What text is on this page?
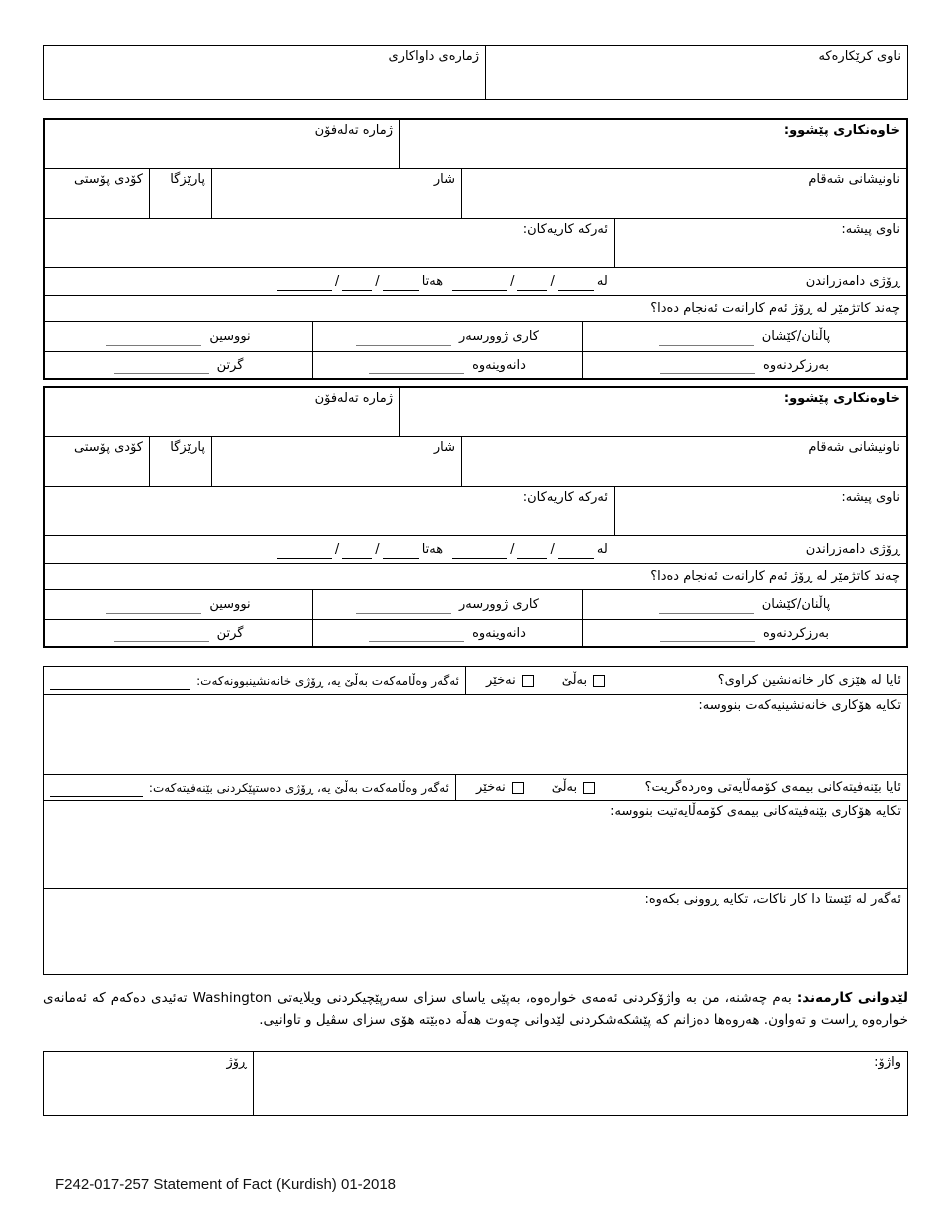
ناوی کرێکارەکە
ژمارەی داواکاری
خاوەنکاری پێشوو:
ژمارە تەلەفۆن
ناونیشانی شەقام
شار
پارێزگا
کۆدی پۆستی
ناوی پیشە:
ئەرکە کاریەکان:
ڕۆژی دامەزراندن
لە
/
/
هەتا
/
/
چەند کاتژمێر لە ڕۆژ ئەم کارانەت ئەنجام دەدا؟
پاڵنان/کێشان
کاری ژوورسەر
نووسین
بەرزکردنەوە
دانەوینەوە
گرتن
خاوەنکاری پێشوو:
ژمارە تەلەفۆن
ناونیشانی شەقام
شار
پارێزگا
کۆدی پۆستی
ناوی پیشە:
ئەرکە کاریەکان:
ڕۆژی دامەزراندن
لە
/
/
هەتا
/
/
چەند کاتژمێر لە ڕۆژ ئەم کارانەت ئەنجام دەدا؟
پاڵنان/کێشان
کاری ژوورسەر
نووسین
بەرزکردنەوە
دانەوینەوە
گرتن
ئایا لە هێزی کار خانەنشین کراوی؟
بەڵێ
نەخێر
ئەگەر وەڵامەکەت بەڵێ یە، ڕۆژی خانەنشینبوونەکەت:
تکایە هۆکاری خانەنشینیەکەت بنووسە:
ئایا بێنەفیتەکانی بیمەی کۆمەڵایەتی وەردەگریت؟
بەڵێ
نەخێر
ئەگەر وەڵامەکەت بەڵێ یە، ڕۆژی دەستپێکردنی بێنەفیتەکەت:
تکایە هۆکاری بێنەفیتەکانی بیمەی کۆمەڵایەتیت بنووسە:
ئەگەر لە ئێستا دا کار ناکات، تکایە ڕوونی بکەوە:
لێدوانی کارمەند: بەم چەشنە، من بە واژۆکردنی ئەمەی خوارەوە، بەپێی یاسای سزای سەرپێچیکردنی ویلایەتی Washington تەئیدی دەکەم کە ئەمانەی خوارەوە ڕاست و تەواون. هەروەها دەزانم کە پێشکەشکردنی لێدوانی چەوت هەڵە دەبێتە هۆی سزای سڤیل و تاوانیی.
واژۆ:
ڕۆژ
F242-017-257 Statement of Fact (Kurdish) 01-2018
